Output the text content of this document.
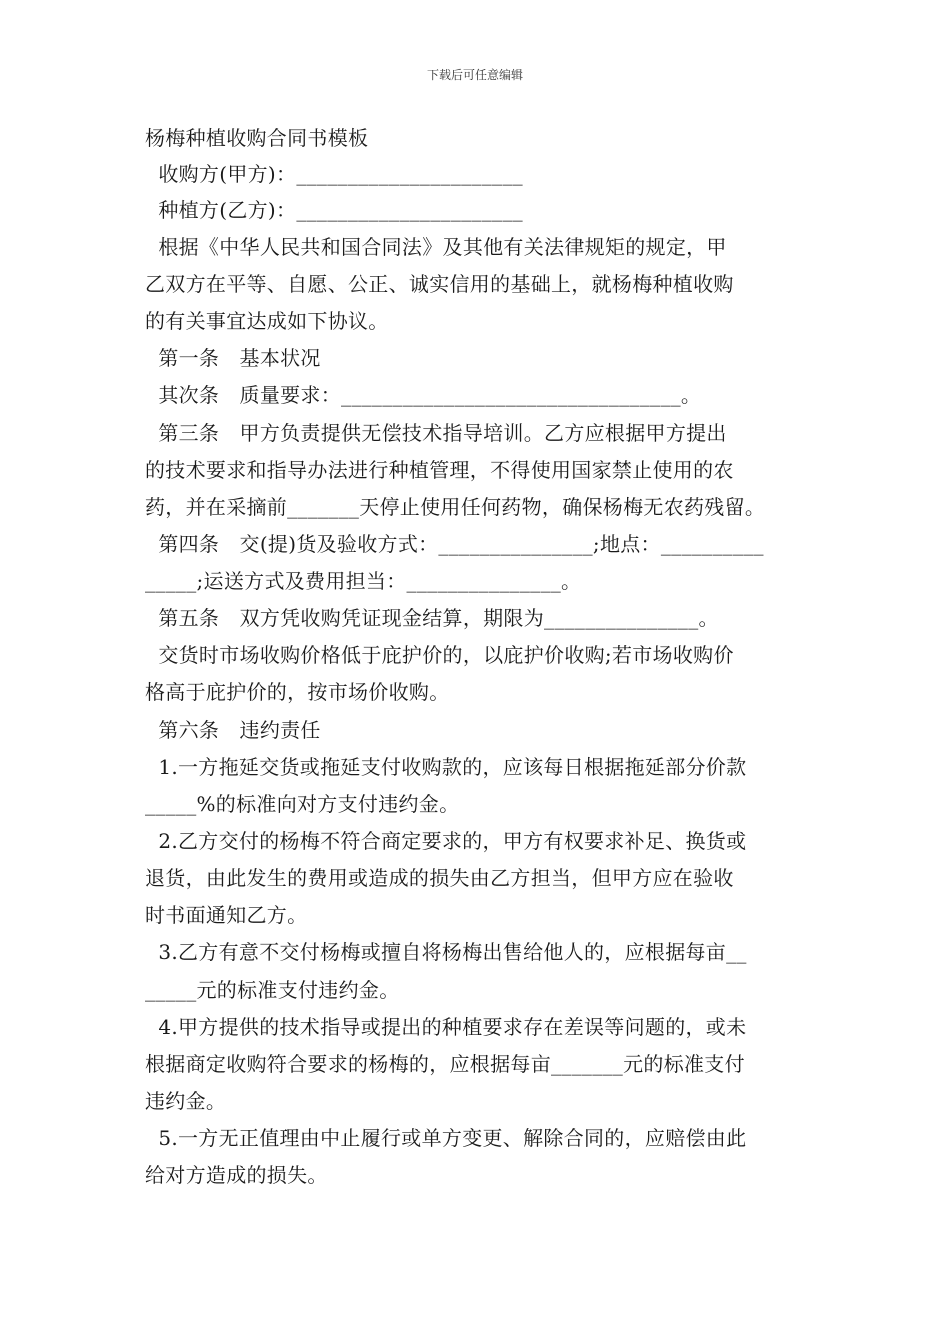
下载后可任意编辑
杨梅种植收购合同书模板
收购方(甲方)：______________________
种植方(乙方)：______________________
根据《中华人民共和国合同法》及其他有关法律规矩的规定，甲
乙双方在平等、自愿、公正、诚实信用的基础上，就杨梅种植收购
的有关事宜达成如下协议。
第一条　基本状况
其次条　质量要求：_________________________________。
第三条　甲方负责提供无偿技术指导培训。乙方应根据甲方提出
的技术要求和指导办法进行种植管理，不得使用国家禁止使用的农
药，并在采摘前_______天停止使用任何药物，确保杨梅无农药残留。
第四条　交(提)货及验收方式：_______________;地点：__________
_____;运送方式及费用担当：_______________。
第五条　双方凭收购凭证现金结算，期限为_______________。
交货时市场收购价格低于庇护价的，以庇护价收购;若市场收购价
格高于庇护价的，按市场价收购。
第六条　违约责任
1.一方拖延交货或拖延支付收购款的，应该每日根据拖延部分价款
_____%的标准向对方支付违约金。
2.乙方交付的杨梅不符合商定要求的，甲方有权要求补足、换货或
退货，由此发生的费用或造成的损失由乙方担当，但甲方应在验收
时书面通知乙方。
3.乙方有意不交付杨梅或擅自将杨梅出售给他人的，应根据每亩__
_____元的标准支付违约金。
4.甲方提供的技术指导或提出的种植要求存在差误等问题的，或未
根据商定收购符合要求的杨梅的，应根据每亩_______元的标准支付
违约金。
5.一方无正值理由中止履行或单方变更、解除合同的，应赔偿由此
给对方造成的损失。
